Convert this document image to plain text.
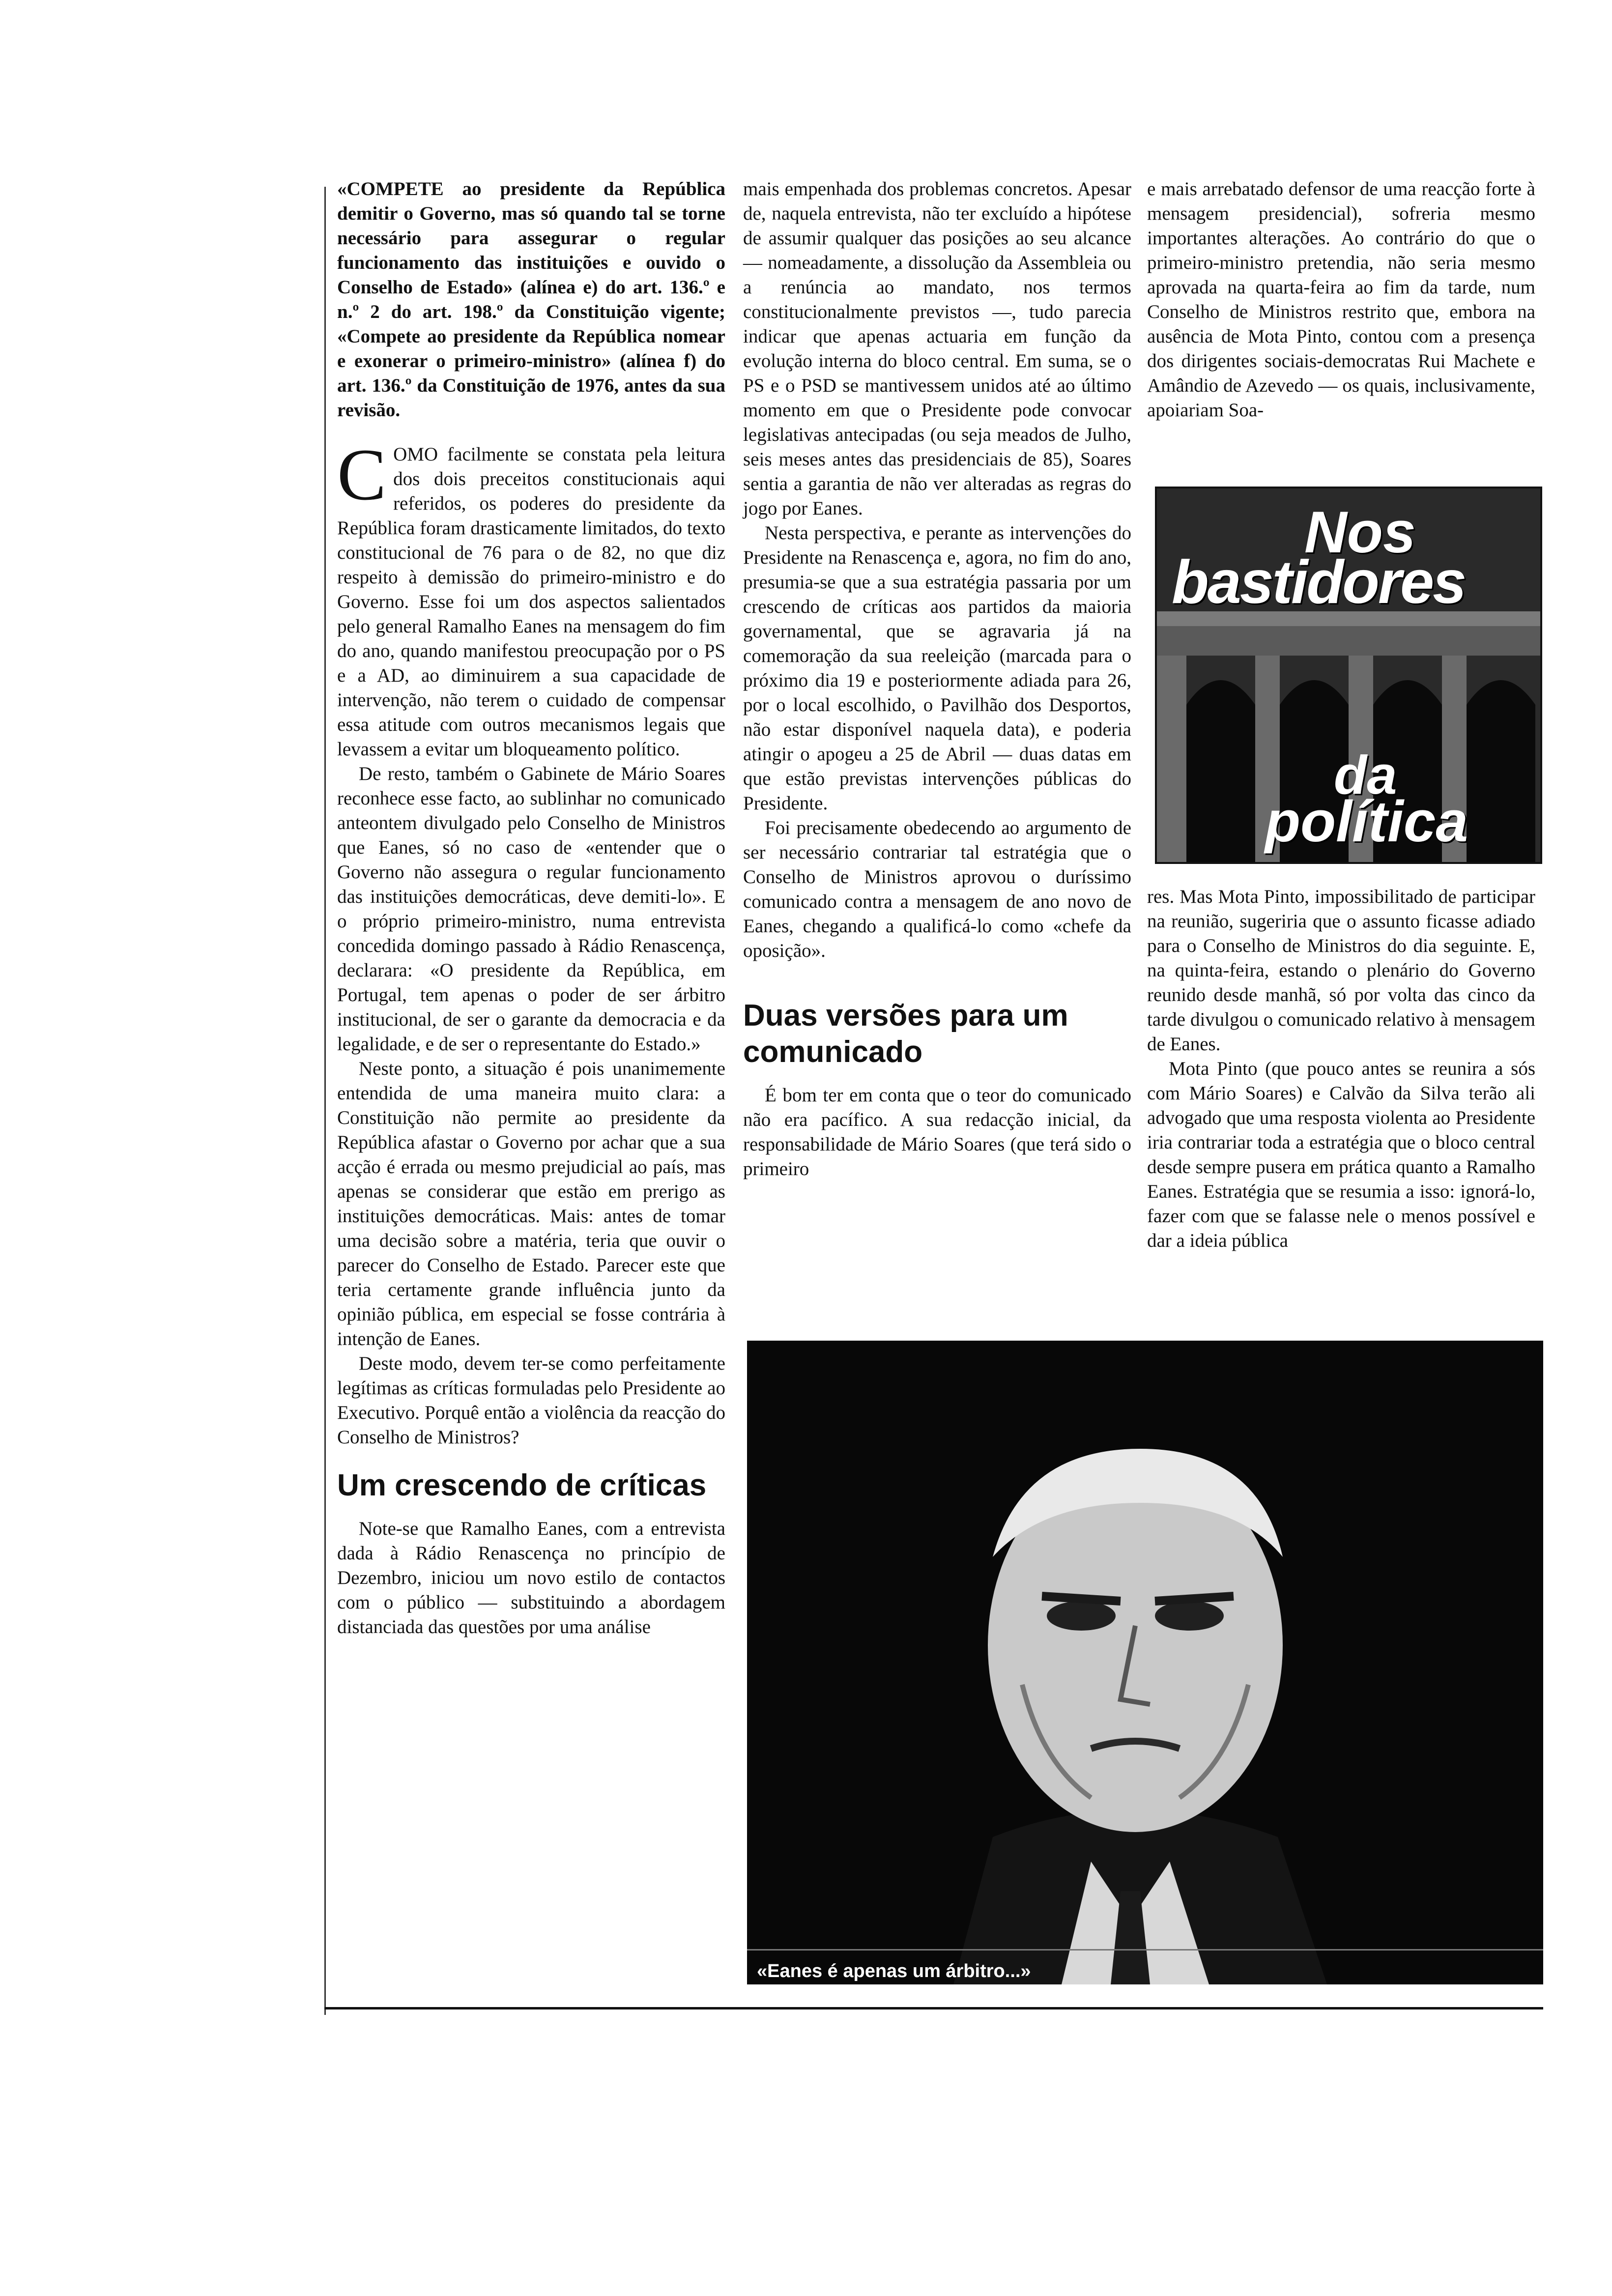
«COMPETE ao presidente da República demitir o Governo, mas só quando tal se torne necessário para assegurar o regular funcionamento das instituições e ouvido o Conselho de Estado» (alínea e) do art. 136.º e n.º 2 do art. 198.º da Constituição vigente; «Compete ao presidente da República nomear e exonerar o primeiro-ministro» (alínea f) do art. 136.º da Constituição de 1976, antes da sua revisão.

COMO facilmente se constata pela leitura dos dois preceitos constitucionais aqui referidos, os poderes do presidente da República foram drasticamente limitados, do texto constitucional de 76 para o de 82, no que diz respeito à demissão do primeiro-ministro e do Governo. Esse foi um dos aspectos salientados pelo general Ramalho Eanes na mensagem do fim do ano, quando manifestou preocupação por o PS e a AD, ao diminuirem a sua capacidade de intervenção, não terem o cuidado de compensar essa atitude com outros mecanismos legais que levassem a evitar um bloqueamento político.

De resto, também o Gabinete de Mário Soares reconhece esse facto, ao sublinhar no comunicado anteontem divulgado pelo Conselho de Ministros que Eanes, só no caso de «entender que o Governo não assegura o regular funcionamento das instituições democráticas, deve demiti-lo». E o próprio primeiro-ministro, numa entrevista concedida domingo passado à Rádio Renascença, declarara: «O presidente da República, em Portugal, tem apenas o poder de ser árbitro institucional, de ser o garante da democracia e da legalidade, e de ser o representante do Estado.»

Neste ponto, a situação é pois unanimemente entendida de uma maneira muito clara: a Constituição não permite ao presidente da República afastar o Governo por achar que a sua acção é errada ou mesmo prejudicial ao país, mas apenas se considerar que estão em prerigo as instituições democráticas. Mais: antes de tomar uma decisão sobre a matéria, teria que ouvir o parecer do Conselho de Estado. Parecer este que teria certamente grande influência junto da opinião pública, em especial se fosse contrária à intenção de Eanes.

Deste modo, devem ter-se como perfeitamente legítimas as críticas formuladas pelo Presidente ao Executivo. Porquê então a violência da reacção do Conselho de Ministros?

Um crescendo de críticas

Note-se que Ramalho Eanes, com a entrevista dada à Rádio Renascença no princípio de Dezembro, iniciou um novo estilo de contactos com o público — substituindo a abordagem distanciada das questões por uma análise

mais empenhada dos problemas concretos. Apesar de, naquela entrevista, não ter excluído a hipótese de assumir qualquer das posições ao seu alcance — nomeadamente, a dissolução da Assembleia ou a renúncia ao mandato, nos termos constitucionalmente previstos —, tudo parecia indicar que apenas actuaria em função da evolução interna do bloco central. Em suma, se o PS e o PSD se mantivessem unidos até ao último momento em que o Presidente pode convocar legislativas antecipadas (ou seja meados de Julho, seis meses antes das presidenciais de 85), Soares sentia a garantia de não ver alteradas as regras do jogo por Eanes.

Nesta perspectiva, e perante as intervenções do Presidente na Renascença e, agora, no fim do ano, presumia-se que a sua estratégia passaria por um crescendo de críticas aos partidos da maioria governamental, que se agravaria já na comemoração da sua reeleição (marcada para o próximo dia 19 e posteriormente adiada para 26, por o local escolhido, o Pavilhão dos Desportos, não estar disponível naquela data), e poderia atingir o apogeu a 25 de Abril — duas datas em que estão previstas intervenções públicas do Presidente.

Foi precisamente obedecendo ao argumento de ser necessário contrariar tal estratégia que o Conselho de Ministros aprovou o duríssimo comunicado contra a mensagem de ano novo de Eanes, chegando a qualificá-lo como «chefe da oposição».

Duas versões para um comunicado

É bom ter em conta que o teor do comunicado não era pacífico. A sua redacção inicial, da responsabilidade de Mário Soares (que terá sido o primeiro

e mais arrebatado defensor de uma reacção forte à mensagem presidencial), sofreria mesmo importantes alterações. Ao contrário do que o primeiro-ministro pretendia, não seria mesmo aprovada na quarta-feira ao fim da tarde, num Conselho de Ministros restrito que, embora na ausência de Mota Pinto, contou com a presença dos dirigentes sociais-democratas Rui Machete e Amândio de Azevedo — os quais, inclusivamente, apoiariam Soa-

Nos
bastidores
da
política

res. Mas Mota Pinto, impossibilitado de participar na reunião, sugeriria que o assunto ficasse adiado para o Conselho de Ministros do dia seguinte. E, na quinta-feira, estando o plenário do Governo reunido desde manhã, só por volta das cinco da tarde divulgou o comunicado relativo à mensagem de Eanes.

Mota Pinto (que pouco antes se reunira a sós com Mário Soares) e Calvão da Silva terão ali advogado que uma resposta violenta ao Presidente iria contrariar toda a estratégia que o bloco central desde sempre pusera em prática quanto a Ramalho Eanes. Estratégia que se resumia a isso: ignorá-lo, fazer com que se falasse nele o menos possível e dar a ideia pública

«Eanes é apenas um árbitro...»
